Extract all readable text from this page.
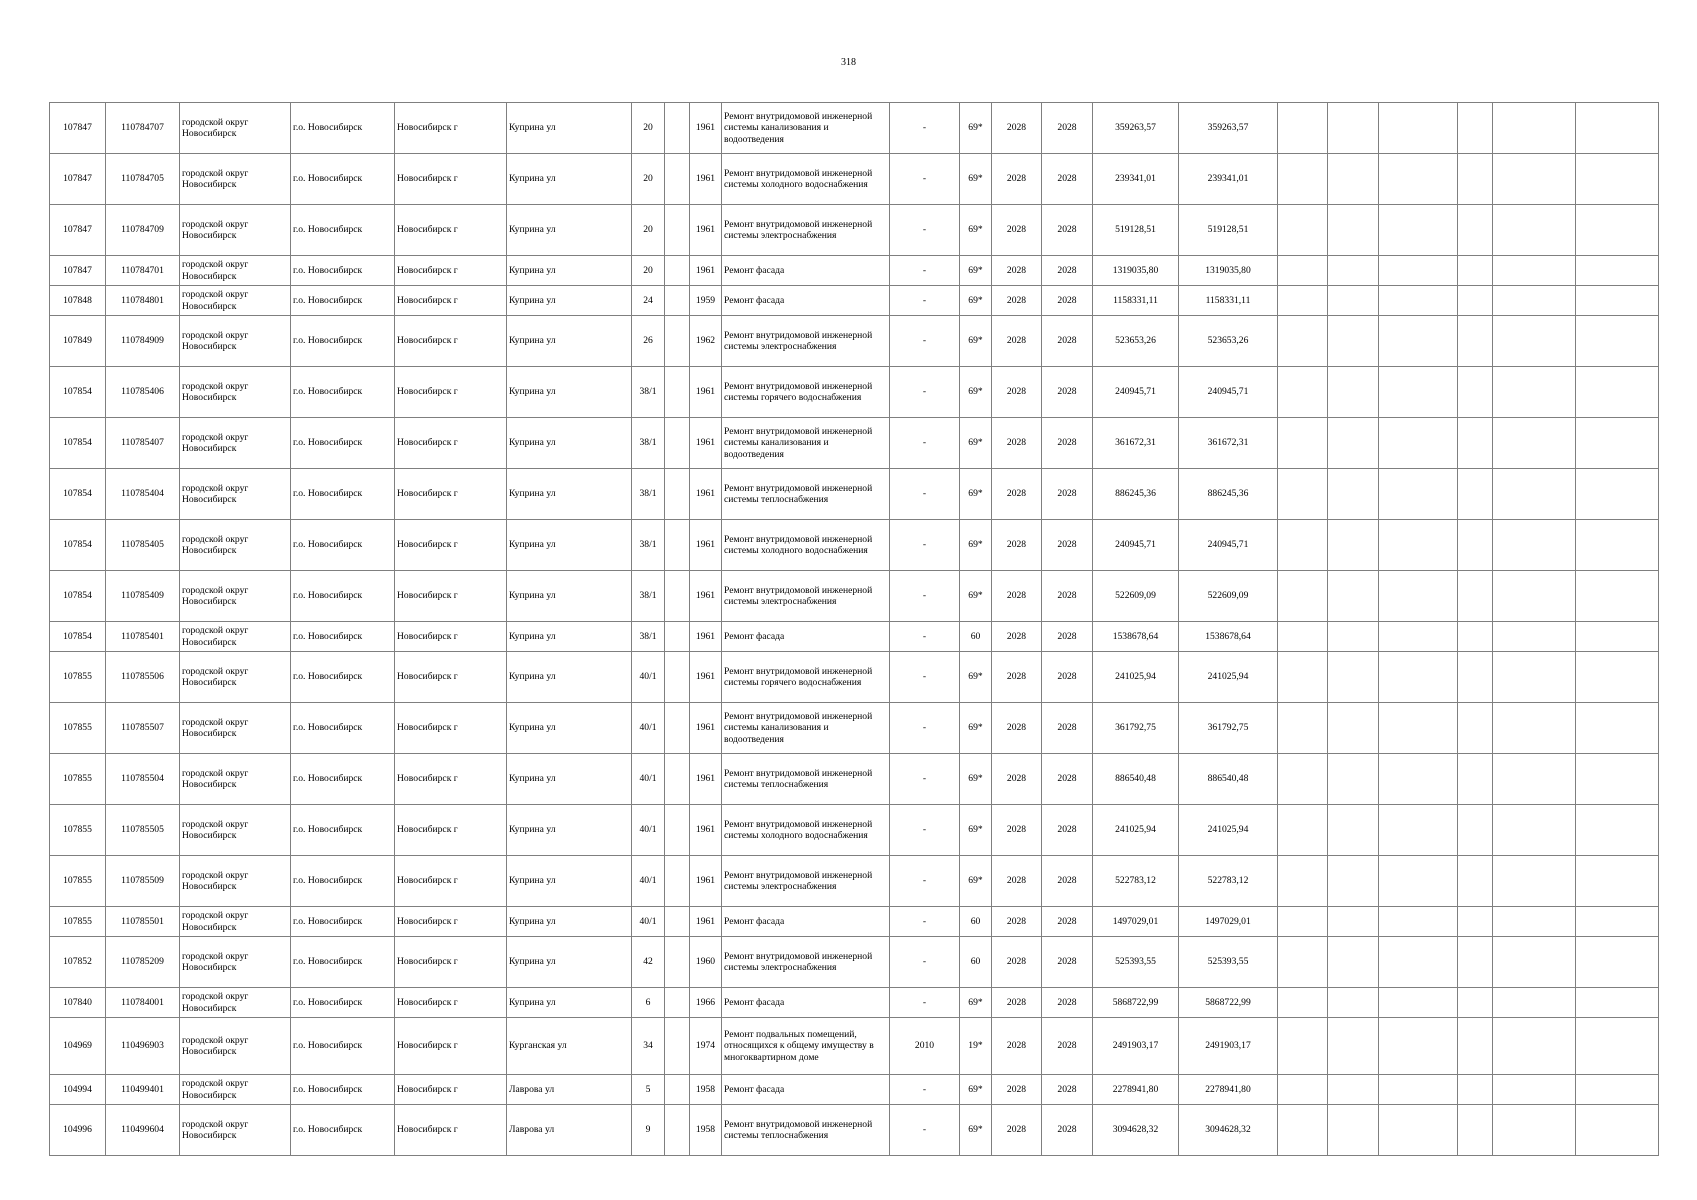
318
107847	110784707	городской округ Новосибирск	г.о. Новосибирск	Новосибирск г	Куприна ул	20		1961	Ремонт внутридомовой инженерной системы канализования и водоотведения	-	69*	2028	2028	359263,57	359263,57						
107847	110784705	городской округ Новосибирск	г.о. Новосибирск	Новосибирск г	Куприна ул	20		1961	Ремонт внутридомовой инженерной системы холодного водоснабжения	-	69*	2028	2028	239341,01	239341,01						
107847	110784709	городской округ Новосибирск	г.о. Новосибирск	Новосибирск г	Куприна ул	20		1961	Ремонт внутридомовой инженерной системы электроснабжения	-	69*	2028	2028	519128,51	519128,51						
107847	110784701	городской округ Новосибирск	г.о. Новосибирск	Новосибирск г	Куприна ул	20		1961	Ремонт фасада	-	69*	2028	2028	1319035,80	1319035,80						
107848	110784801	городской округ Новосибирск	г.о. Новосибирск	Новосибирск г	Куприна ул	24		1959	Ремонт фасада	-	69*	2028	2028	1158331,11	1158331,11						
107849	110784909	городской округ Новосибирск	г.о. Новосибирск	Новосибирск г	Куприна ул	26		1962	Ремонт внутридомовой инженерной системы электроснабжения	-	69*	2028	2028	523653,26	523653,26						
107854	110785406	городской округ Новосибирск	г.о. Новосибирск	Новосибирск г	Куприна ул	38/1		1961	Ремонт внутридомовой инженерной системы горячего водоснабжения	-	69*	2028	2028	240945,71	240945,71						
107854	110785407	городской округ Новосибирск	г.о. Новосибирск	Новосибирск г	Куприна ул	38/1		1961	Ремонт внутридомовой инженерной системы канализования и водоотведения	-	69*	2028	2028	361672,31	361672,31						
107854	110785404	городской округ Новосибирск	г.о. Новосибирск	Новосибирск г	Куприна ул	38/1		1961	Ремонт внутридомовой инженерной системы теплоснабжения	-	69*	2028	2028	886245,36	886245,36						
107854	110785405	городской округ Новосибирск	г.о. Новосибирск	Новосибирск г	Куприна ул	38/1		1961	Ремонт внутридомовой инженерной системы холодного водоснабжения	-	69*	2028	2028	240945,71	240945,71						
107854	110785409	городской округ Новосибирск	г.о. Новосибирск	Новосибирск г	Куприна ул	38/1		1961	Ремонт внутридомовой инженерной системы электроснабжения	-	69*	2028	2028	522609,09	522609,09						
107854	110785401	городской округ Новосибирск	г.о. Новосибирск	Новосибирск г	Куприна ул	38/1		1961	Ремонт фасада	-	60	2028	2028	1538678,64	1538678,64						
107855	110785506	городской округ Новосибирск	г.о. Новосибирск	Новосибирск г	Куприна ул	40/1		1961	Ремонт внутридомовой инженерной системы горячего водоснабжения	-	69*	2028	2028	241025,94	241025,94						
107855	110785507	городской округ Новосибирск	г.о. Новосибирск	Новосибирск г	Куприна ул	40/1		1961	Ремонт внутридомовой инженерной системы канализования и водоотведения	-	69*	2028	2028	361792,75	361792,75						
107855	110785504	городской округ Новосибирск	г.о. Новосибирск	Новосибирск г	Куприна ул	40/1		1961	Ремонт внутридомовой инженерной системы теплоснабжения	-	69*	2028	2028	886540,48	886540,48						
107855	110785505	городской округ Новосибирск	г.о. Новосибирск	Новосибирск г	Куприна ул	40/1		1961	Ремонт внутридомовой инженерной системы холодного водоснабжения	-	69*	2028	2028	241025,94	241025,94						
107855	110785509	городской округ Новосибирск	г.о. Новосибирск	Новосибирск г	Куприна ул	40/1		1961	Ремонт внутридомовой инженерной системы электроснабжения	-	69*	2028	2028	522783,12	522783,12						
107855	110785501	городской округ Новосибирск	г.о. Новосибирск	Новосибирск г	Куприна ул	40/1		1961	Ремонт фасада	-	60	2028	2028	1497029,01	1497029,01						
107852	110785209	городской округ Новосибирск	г.о. Новосибирск	Новосибирск г	Куприна ул	42		1960	Ремонт внутридомовой инженерной системы электроснабжения	-	60	2028	2028	525393,55	525393,55						
107840	110784001	городской округ Новосибирск	г.о. Новосибирск	Новосибирск г	Куприна ул	6		1966	Ремонт фасада	-	69*	2028	2028	5868722,99	5868722,99						
104969	110496903	городской округ Новосибирск	г.о. Новосибирск	Новосибирск г	Курганская ул	34		1974	Ремонт подвальных помещений, относящихся к общему имуществу в многоквартирном доме	2010	19*	2028	2028	2491903,17	2491903,17						
104994	110499401	городской округ Новосибирск	г.о. Новосибирск	Новосибирск г	Лаврова ул	5		1958	Ремонт фасада	-	69*	2028	2028	2278941,80	2278941,80						
104996	110499604	городской округ Новосибирск	г.о. Новосибирск	Новосибирск г	Лаврова ул	9		1958	Ремонт внутридомовой инженерной системы теплоснабжения	-	69*	2028	2028	3094628,32	3094628,32						
